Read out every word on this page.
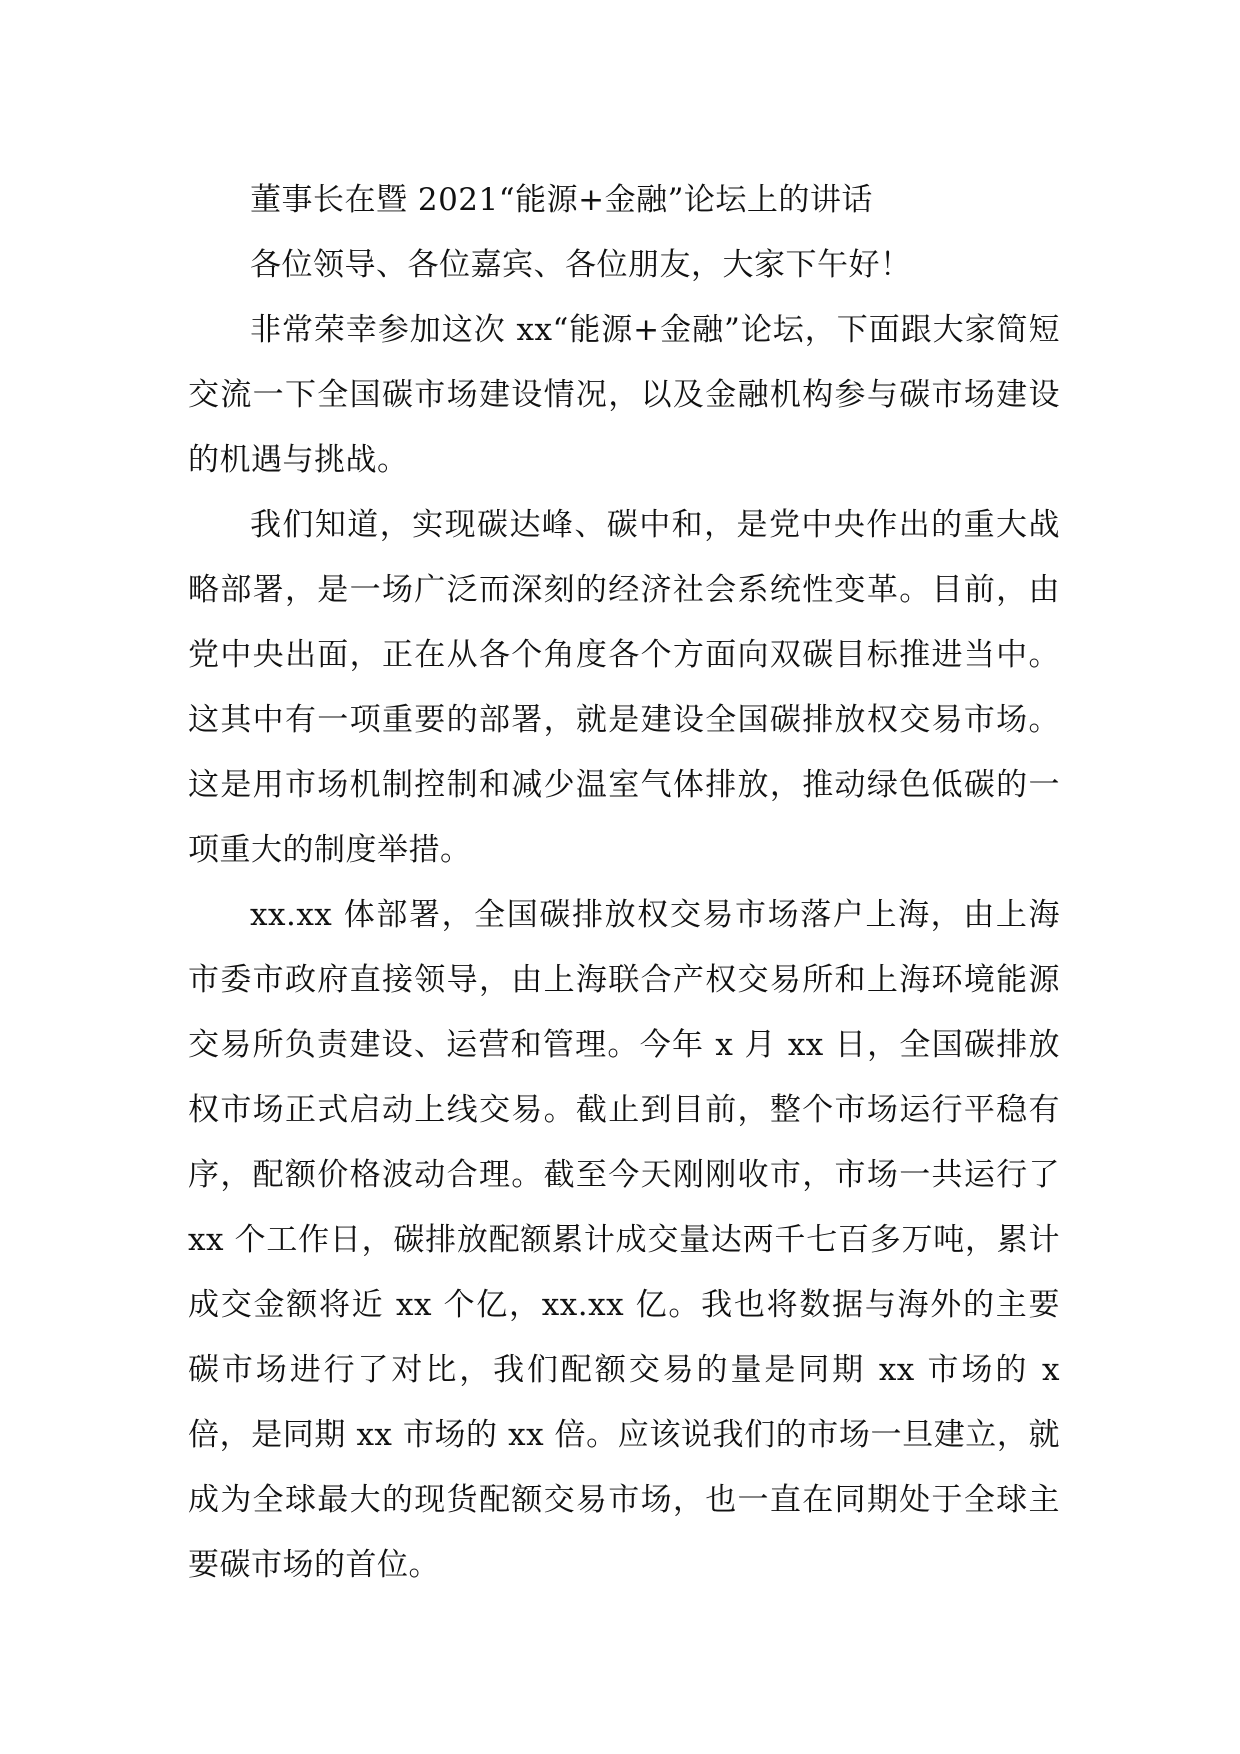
董事长在暨 2021“能源+金融”论坛上的讲话

各位领导、各位嘉宾、各位朋友，大家下午好！

非常荣幸参加这次 xx“能源+金融”论坛，下面跟大家简短交流一下全国碳市场建设情况，以及金融机构参与碳市场建设的机遇与挑战。

我们知道，实现碳达峰、碳中和，是党中央作出的重大战略部署，是一场广泛而深刻的经济社会系统性变革。目前，由党中央出面，正在从各个角度各个方面向双碳目标推进当中。这其中有一项重要的部署，就是建设全国碳排放权交易市场。这是用市场机制控制和减少温室气体排放，推动绿色低碳的一项重大的制度举措。

xx.xx 体部署，全国碳排放权交易市场落户上海，由上海市委市政府直接领导，由上海联合产权交易所和上海环境能源交易所负责建设、运营和管理。今年 x 月 xx 日，全国碳排放权市场正式启动上线交易。截止到目前，整个市场运行平稳有序，配额价格波动合理。截至今天刚刚收市，市场一共运行了 xx 个工作日，碳排放配额累计成交量达两千七百多万吨，累计成交金额将近 xx 个亿，xx.xx 亿。我也将数据与海外的主要碳市场进行了对比，我们配额交易的量是同期 xx 市场的 x 倍，是同期 xx 市场的 xx 倍。应该说我们的市场一旦建立，就成为全球最大的现货配额交易市场，也一直在同期处于全球主要碳市场的首位。
